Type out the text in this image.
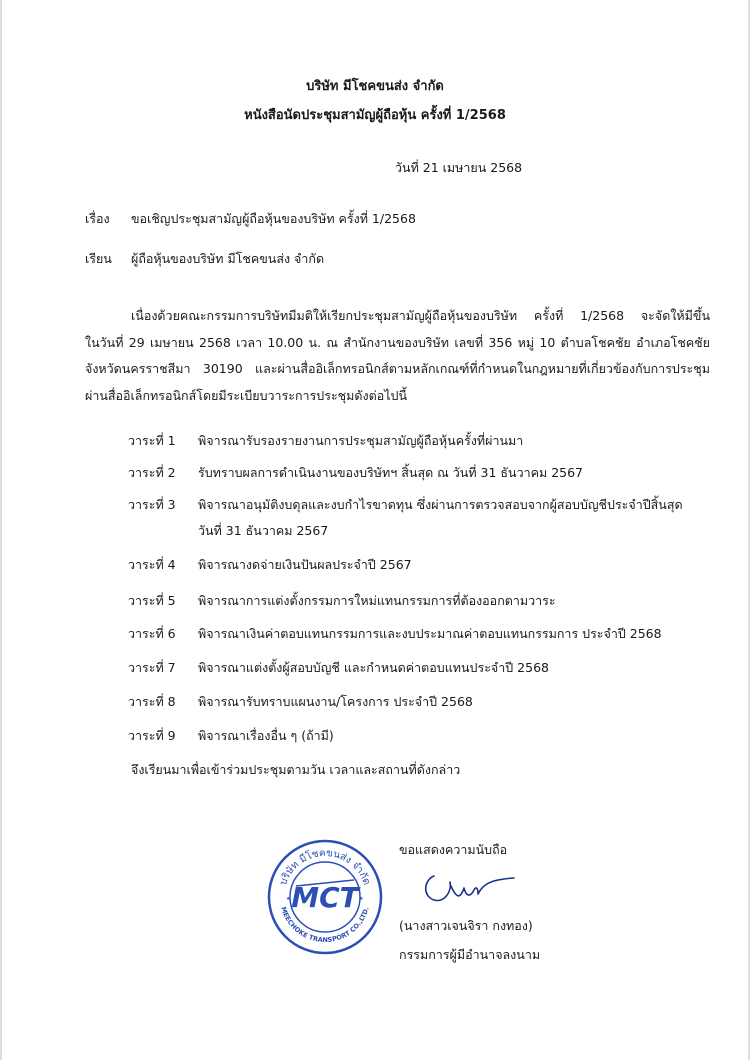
บริษัท มีโชคขนส่ง จำกัด
หนังสือนัดประชุมสามัญผู้ถือหุ้น ครั้งที่ 1/2568
วันที่ 21 เมษายน 2568
เรื่อง ขอเชิญประชุมสามัญผู้ถือหุ้นของบริษัท ครั้งที่ 1/2568
เรียน ผู้ถือหุ้นของบริษัท มีโชคขนส่ง จำกัด
เนื่องด้วยคณะกรรมการบริษัทมีมติให้เรียกประชุมสามัญผู้ถือหุ้นของบริษัท ครั้งที่ 1/2568 จะจัดให้มีขึ้น
ในวันที่ 29 เมษายน 2568 เวลา 10.00 น. ณ สำนักงานของบริษัท เลขที่ 356 หมู่ 10 ตำบลโชคชัย อำเภอโชคชัย
จังหวัดนครราชสีมา 30190 และผ่านสื่ออิเล็กทรอนิกส์ตามหลักเกณฑ์ที่กำหนดในกฎหมายที่เกี่ยวข้องกับการประชุม
ผ่านสื่ออิเล็กทรอนิกส์โดยมีระเบียบวาระการประชุมดังต่อไปนี้
วาระที่ 1 พิจารณารับรองรายงานการประชุมสามัญผู้ถือหุ้นครั้งที่ผ่านมา
วาระที่ 2 รับทราบผลการดำเนินงานของบริษัทฯ สิ้นสุด ณ วันที่ 31 ธันวาคม 2567
วาระที่ 3 พิจารณาอนุมัติงบดุลและงบกำไรขาดทุน ซึ่งผ่านการตรวจสอบจากผู้สอบบัญชีประจำปีสิ้นสุด
วันที่ 31 ธันวาคม 2567
วาระที่ 4 พิจารณางดจ่ายเงินปันผลประจำปี 2567
วาระที่ 5 พิจารณาการแต่งตั้งกรรมการใหม่แทนกรรมการที่ต้องออกตามวาระ
วาระที่ 6 พิจารณาเงินค่าตอบแทนกรรมการและงบประมาณค่าตอบแทนกรรมการ ประจำปี 2568
วาระที่ 7 พิจารณาแต่งตั้งผู้สอบบัญชี และกำหนดค่าตอบแทนประจำปี 2568
วาระที่ 8 พิจารณารับทราบแผนงาน/โครงการ ประจำปี 2568
วาระที่ 9 พิจารณาเรื่องอื่น ๆ (ถ้ามี)
จึงเรียนมาเพื่อเข้าร่วมประชุมตามวัน เวลาและสถานที่ดังกล่าว
ขอแสดงความนับถือ
(นางสาวเจนจิรา กงทอง)
กรรมการผู้มีอำนาจลงนาม
บริษัท มีโชคขนส่ง จำกัด
MEECHOKE TRANSPORT CO.,LTD.
MCT
★	★
